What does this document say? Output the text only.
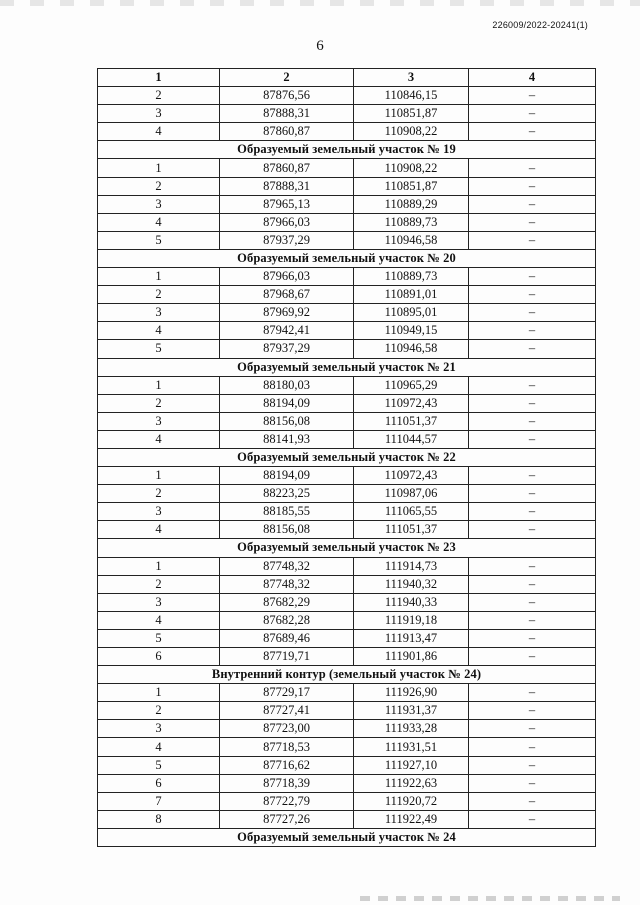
226009/2022-20241(1)
6
1	2	3	4
2	87876,56	110846,15	–
3	87888,31	110851,87	–
4	87860,87	110908,22	–
Образуемый земельный участок № 19			
1	87860,87	110908,22	–
2	87888,31	110851,87	–
3	87965,13	110889,29	–
4	87966,03	110889,73	–
5	87937,29	110946,58	–
Образуемый земельный участок № 20			
1	87966,03	110889,73	–
2	87968,67	110891,01	–
3	87969,92	110895,01	–
4	87942,41	110949,15	–
5	87937,29	110946,58	–
Образуемый земельный участок № 21			
1	88180,03	110965,29	–
2	88194,09	110972,43	–
3	88156,08	111051,37	–
4	88141,93	111044,57	–
Образуемый земельный участок № 22			
1	88194,09	110972,43	–
2	88223,25	110987,06	–
3	88185,55	111065,55	–
4	88156,08	111051,37	–
Образуемый земельный участок № 23			
1	87748,32	111914,73	–
2	87748,32	111940,32	–
3	87682,29	111940,33	–
4	87682,28	111919,18	–
5	87689,46	111913,47	–
6	87719,71	111901,86	–
Внутренний контур (земельный участок № 24)			
1	87729,17	111926,90	–
2	87727,41	111931,37	–
3	87723,00	111933,28	–
4	87718,53	111931,51	–
5	87716,62	111927,10	–
6	87718,39	111922,63	–
7	87722,79	111920,72	–
8	87727,26	111922,49	–
Образуемый земельный участок № 24			
